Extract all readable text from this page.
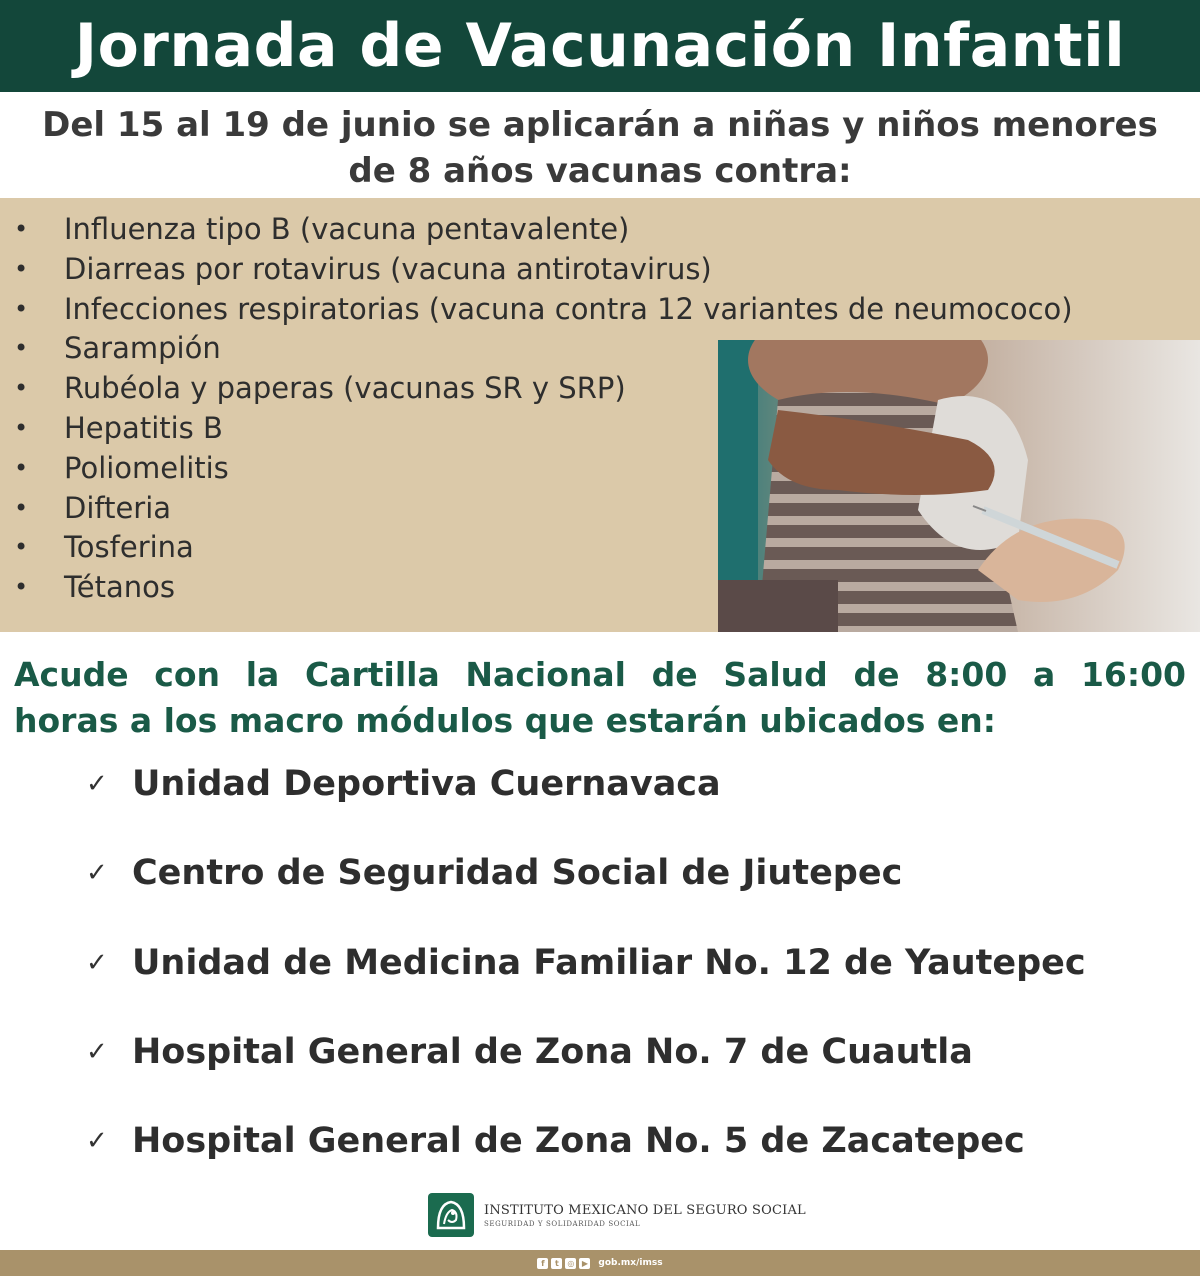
Jornada de Vacunación Infantil
Del 15 al 19 de junio se aplicarán a niñas y niños menores
de 8 años vacunas contra:
• Influenza tipo B (vacuna pentavalente)
• Diarreas por rotavirus (vacuna antirotavirus)
• Infecciones respiratorias (vacuna contra 12 variantes de neumococo)
• Sarampión
• Rubéola y paperas (vacunas SR y SRP)
• Hepatitis B
• Poliomelitis
• Difteria
• Tosferina
• Tétanos
Acude con la Cartilla Nacional de Salud de 8:00 a 16:00
horas a los macro módulos que estarán ubicados en:
✓ Unidad Deportiva Cuernavaca
✓ Centro de Seguridad Social de Jiutepec
✓ Unidad de Medicina Familiar No. 12 de Yautepec
✓ Hospital General de Zona No. 7 de Cuautla
✓ Hospital General de Zona No. 5 de Zacatepec
INSTITUTO MEXICANO DEL SEGURO SOCIAL
SEGURIDAD Y SOLIDARIDAD SOCIAL
f	t	◎ ▶ gob.mx/imss
